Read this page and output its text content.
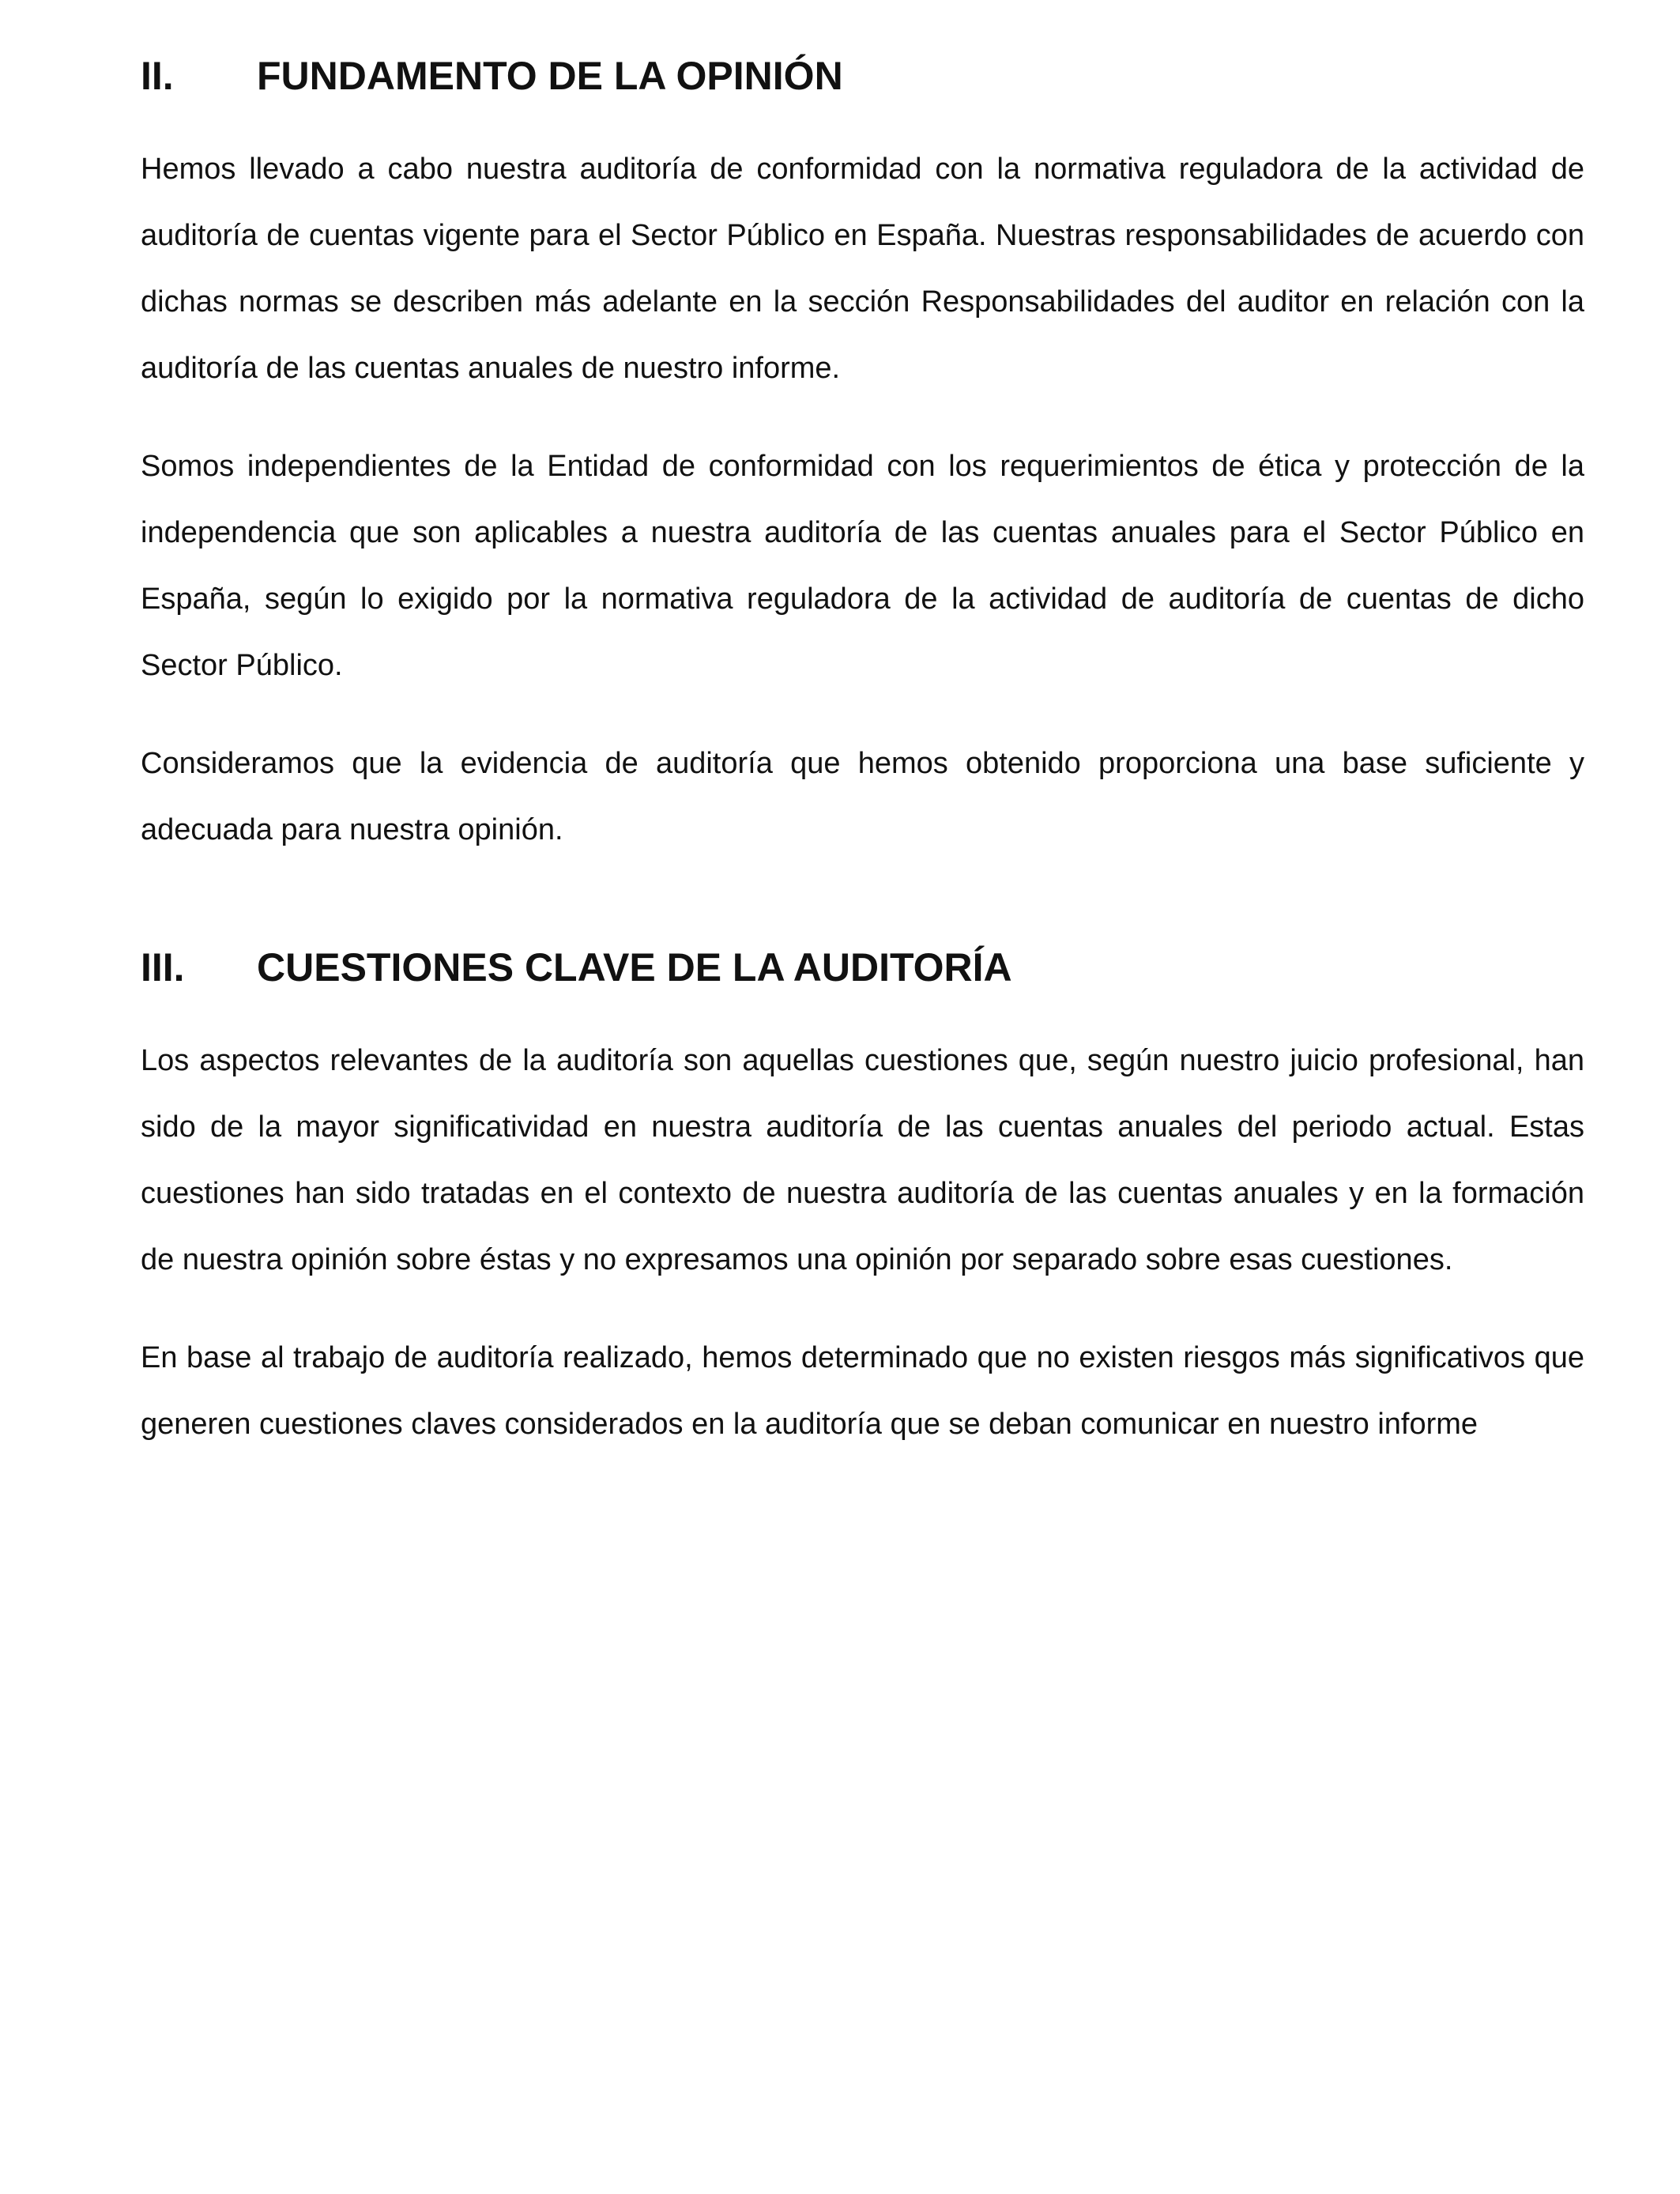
II.	FUNDAMENTO DE LA OPINIÓN

Hemos llevado a cabo nuestra auditoría de conformidad con la normativa reguladora de la actividad de auditoría de cuentas vigente para el Sector Público en España. Nuestras responsabilidades de acuerdo con dichas normas se describen más adelante en la sección Responsabilidades del auditor en relación con la auditoría de las cuentas anuales de nuestro informe.

Somos independientes de la Entidad de conformidad con los requerimientos de ética y protección de la independencia que son aplicables a nuestra auditoría de las cuentas anuales para el Sector Público en España, según lo exigido por la normativa reguladora de la actividad de auditoría de cuentas de dicho Sector Público.

Consideramos que la evidencia de auditoría que hemos obtenido proporciona una base suficiente y adecuada para nuestra opinión.

III.	CUESTIONES CLAVE DE LA AUDITORÍA

Los aspectos relevantes de la auditoría son aquellas cuestiones que, según nuestro juicio profesional, han sido de la mayor significatividad en nuestra auditoría de las cuentas anuales del periodo actual. Estas cuestiones han sido tratadas en el contexto de nuestra auditoría de las cuentas anuales y en la formación de nuestra opinión sobre éstas y no expresamos una opinión por separado sobre esas cuestiones.

En base al trabajo de auditoría realizado, hemos determinado que no existen riesgos más significativos que generen cuestiones claves considerados en la auditoría que se deban comunicar en nuestro informe
